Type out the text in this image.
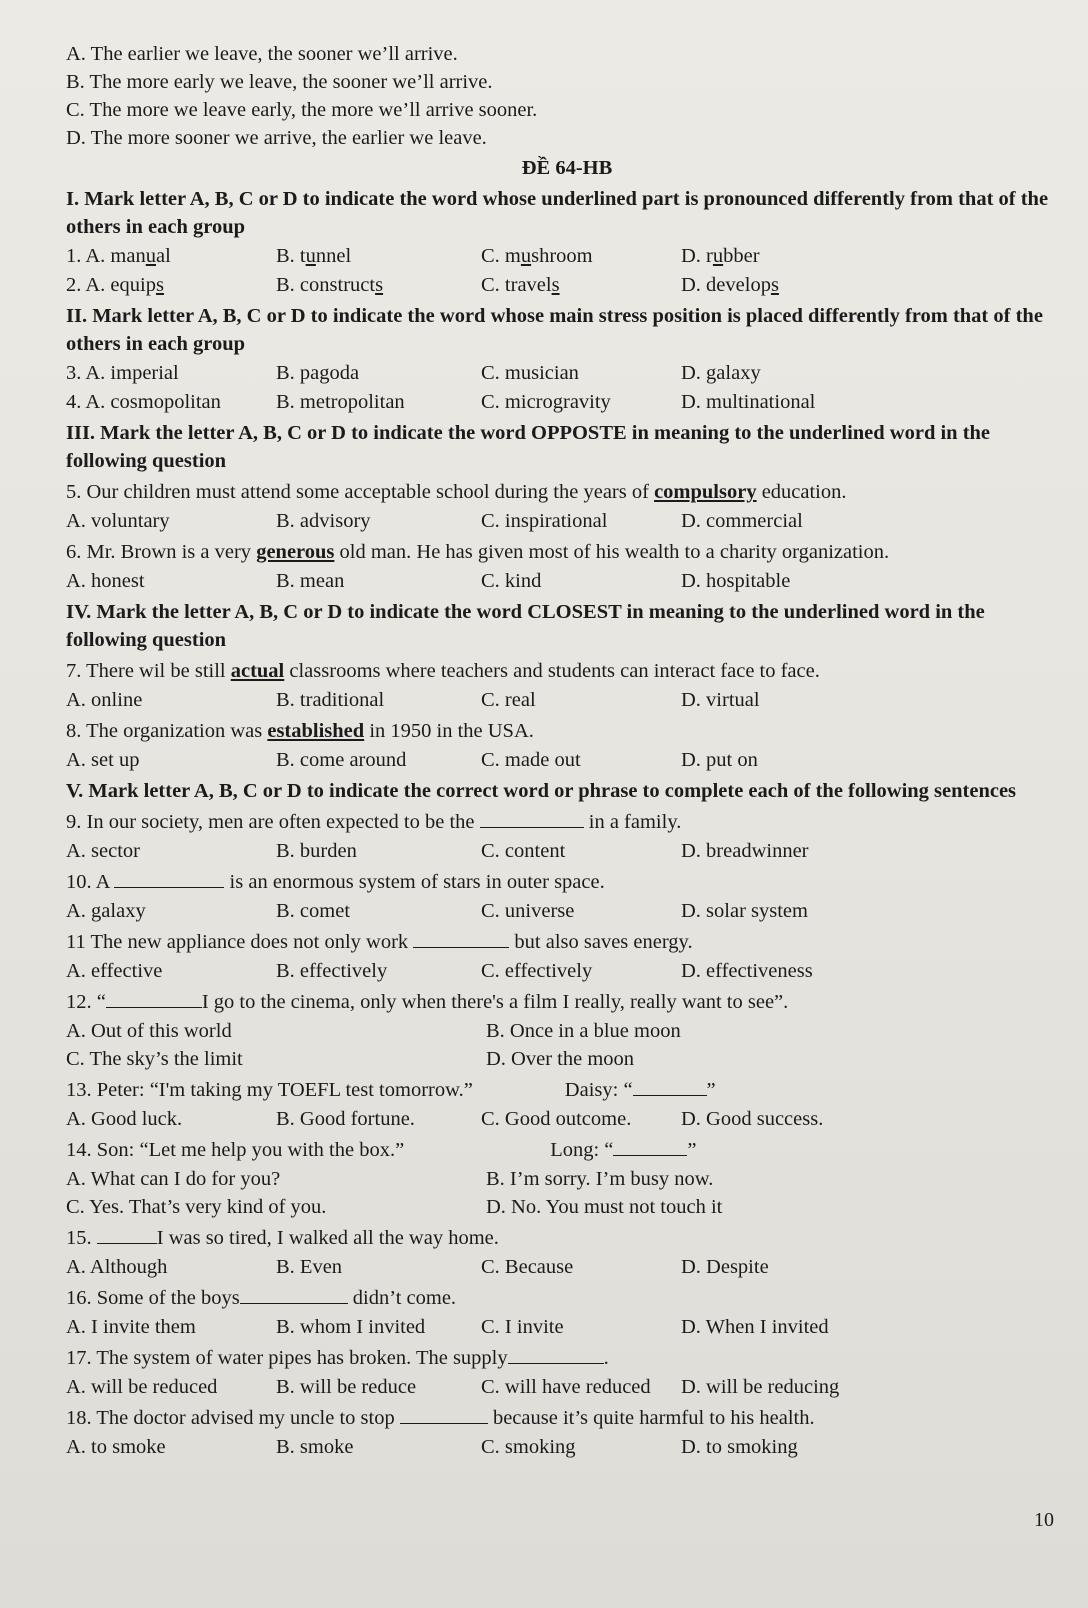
A. The earlier we leave, the sooner we’ll arrive.
B. The more early we leave, the sooner we’ll arrive.
C. The more we leave early, the more we’ll arrive sooner.
D. The more sooner we arrive, the earlier we leave.
ĐỀ 64-HB
I. Mark letter A, B, C or D to indicate the word whose underlined part is pronounced differently from that of the others in each group
1. A. manual	B. tunnel	C. mushroom	D. rubber
2. A. equips	B. constructs	C. travels	D. develops
II. Mark letter A, B, C or D to indicate the word whose main stress position is placed differently from that of the others in each group
3. A. imperial	B. pagoda	C. musician	D. galaxy
4. A. cosmopolitan	B. metropolitan	C. microgravity	D. multinational
III. Mark the letter A, B, C or D to indicate the word OPPOSTE in meaning to the underlined word in the following question
5. Our children must attend some acceptable school during the years of compulsory education.
A. voluntary	B. advisory	C. inspirational	D. commercial
6. Mr. Brown is a very generous old man. He has given most of his wealth to a charity organization.
A. honest	B. mean	C. kind	D. hospitable
IV. Mark the letter A, B, C or D to indicate the word CLOSEST in meaning to the underlined word in the following question
7. There wil be still actual classrooms where teachers and students can interact face to face.
A. online	B. traditional	C. real	D. virtual
8. The organization was established in 1950 in the USA.
A. set up	B. come around	C. made out	D. put on
V. Mark letter A, B, C or D to indicate the correct word or phrase to complete each of the following sentences
9. In our society, men are often expected to be the	in a family.
A. sector	B. burden	C. content	D. breadwinner
10. A	is an enormous system of stars in outer space.
A. galaxy	B. comet	C. universe	D. solar system
11 The new appliance does not only work	but also saves energy.
A. effective	B. effectively	C. effectively	D. effectiveness
12. “	I go to the cinema, only when there's a film I really, really want to see”.
A. Out of this world	B. Once in a blue moon
C. The sky’s the limit	D. Over the moon
13. Peter: “I'm taking my TOEFL test tomorrow.”	Daisy: “	”
A. Good luck.	B. Good fortune.	C. Good outcome.	D. Good success.
14. Son: “Let me help you with the box.”	Long: “	”
A. What can I do for you?	B. I’m sorry. I’m busy now.
C. Yes. That’s very kind of you.	D. No. You must not touch it
15.	I was so tired, I walked all the way home.
A. Although	B. Even	C. Because	D. Despite
16. Some of the boys	didn’t come.
A. I invite them	B. whom I invited	C. I invite	D. When I invited
17. The system of water pipes has broken. The supply	.
A. will be reduced	B. will be reduce	C. will have reduced	D. will be reducing
18. The doctor advised my uncle to stop	because it’s quite harmful to his health.
A. to smoke	B. smoke	C. smoking	D. to smoking
10
